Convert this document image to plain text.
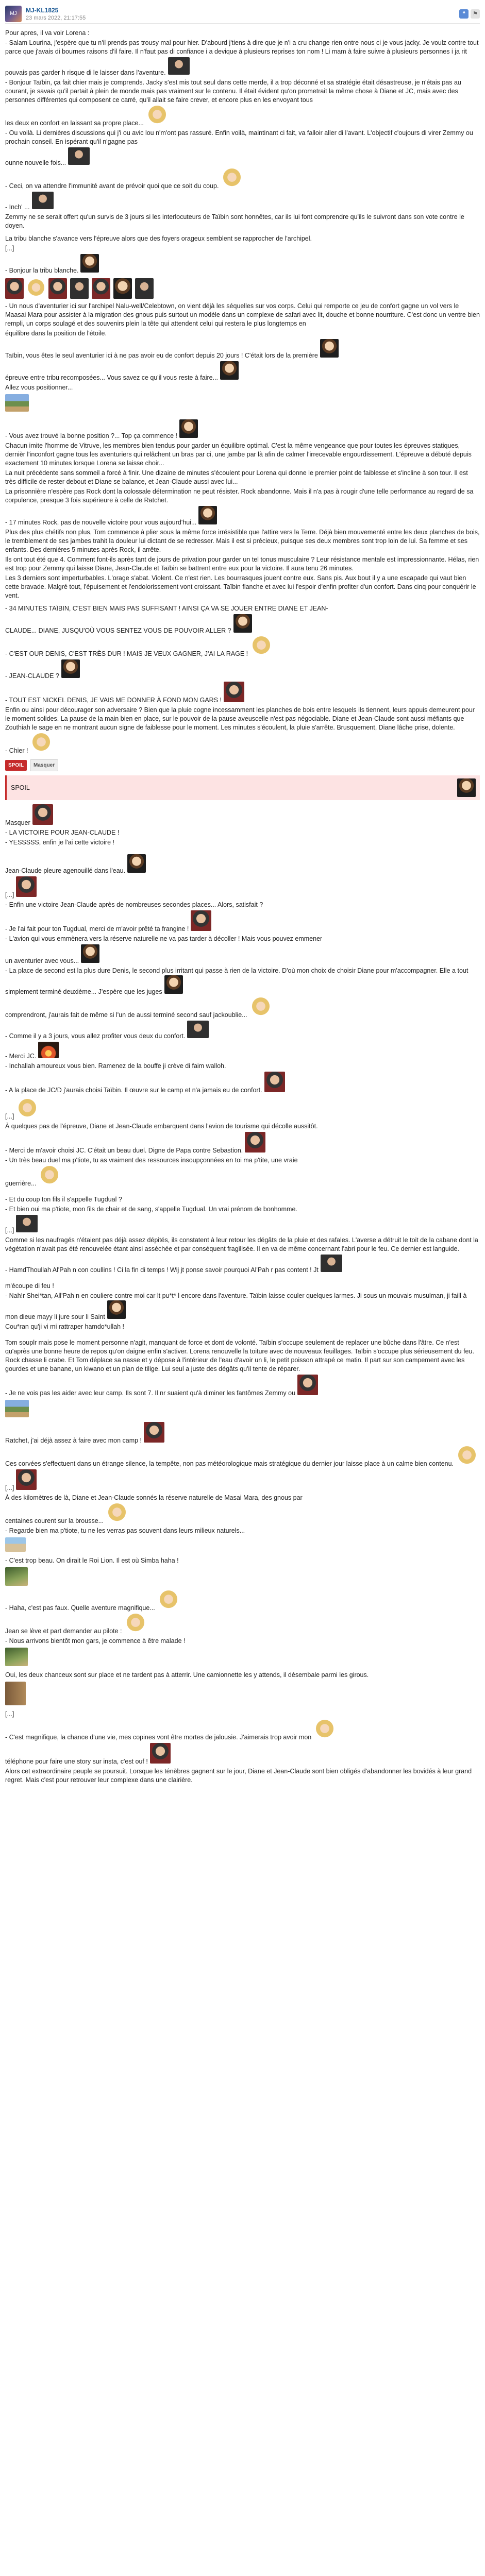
MJ MJ-KL1825
23 mars 2022, 21:17:55
❝	⚑

Pour apres, il va voir Lorena :

- Salam Lourina, j'espère que tu n'il prends pas trousy mal pour hier. D'abourd j'tiens à dire que je n'i a cru change rien ontre nous ci je vous jacky. Je voulz contre tout parce que j'avais di bournes raisons d'il faire. Il n'faut pas di confiance i a devique à plusieurs reprises ton nom ! Li mam à faire suivre à plusieurs personnes i ja rit

pouvais pas garder h risque di le laisser dans l'aventure.

- Bonjour Taïbin, ça fait chier mais je comprends. Jacky s'est mis tout seul dans cette merde, il a trop déconné et sa stratégie était désastreuse, je n'étais pas au courant, je savais qu'il partait à plein de monde mais pas vraiment sur le contenu. Il était évident qu'on prometrait la même chose à Diane et JC, mais avec des personnes différentes qui composent ce carré, qu'il allait se faire crever, et encore plus en les envoyant tous

les deux en confort en laissant sa propre place...

- Ou voilà. Li dernières discussions qui j'i ou avic lou n'm'ont pas rassuré. Enfin voilà, maintinant ci fait, va falloir aller di l'avant. L'objectif c'oujours di virer Zemmy ou prochain conseil. En ispérant qu'il n'gagne pas

ounne nouvelle fois...

- Ceci, on va attendre l'immunité avant de prévoir quoi que ce soit du coup.

- Inch' ...

Zemmy ne se serait offert qu'un survis de 3 jours si les interlocuteurs de Taïbin sont honnêtes, car ils lui font comprendre qu'ils le suivront dans son vote contre le doyen.

La tribu blanche s'avance vers l'épreuve alors que des foyers orageux semblent se rapprocher de l'archipel.

[...]

- Bonjour la tribu blanche.

- Un nous d'aventurier ici sur l'archipel Nalu-well/Celebtown, on vient déjà les séquelles sur vos corps. Celui qui remporte ce jeu de confort gagne un vol vers le Maasai Mara pour assister à la migration des gnous puis surtout un modèle dans un complexe de safari avec lit, douche et bonne nourriture. C'est donc un ventre bien rempli, un corps soulagé et des souvenirs plein la tête qui attendent celui qui restera le plus longtemps en

équilibre dans la position de l'étoile.

Taïbin, vous êtes le seul aventurier ici à ne pas avoir eu de confort depuis 20 jours ! C'était lors de la première

épreuve entre tribu recomposées... Vous savez ce qu'il vous reste à faire...

Allez vous positionner...

- Vous avez trouvé la bonne position ?... Top ça commence !

Chacun imite l'homme de Vitruve, les membres bien tendus pour garder un équilibre optimal. C'est la même vengeance que pour toutes les épreuves statiques, dernièr l'inconfort gagne tous les aventuriers qui relâchent un bras par ci, une jambe par là afin de calmer l'irrecevable engourdissement. L'épreuve a débuté depuis exactement 10 minutes lorsque Lorena se laisse choir...

La nuit précédente sans sommeil a forcé à finir. Une dizaine de minutes s'écoulent pour Lorena qui donne le premier point de faiblesse et s'incline à son tour. Il est très difficile de rester debout et Diane se balance, et Jean-Claude aussi avec lui...

La prisonnière n'espère pas Rock dont la colossale détermination ne peut résister. Rock abandonne. Mais il n'a pas à rougir d'une telle performance au regard de sa corpulence, presque 3 fois supérieure à celle de Ratchet.

- 17 minutes Rock, pas de nouvelle victoire pour vous aujourd'hui...

Plus des plus chétifs non plus, Tom commence à plier sous la même force irrésistible que l'attire vers la Terre. Déjà bien mouvementé entre les deux planches de bois, le tremblement de ses jambes trahit la douleur lui dictant de se redresser. Mais il est si précieux, puisque ses deux membres sont trop loin de lui. Sa femme et ses enfants. Des dernières 5 minutes après Rock, il arrête.

Ils ont tout été que 4. Comment font-ils après tant de jours de privation pour garder un tel tonus musculaire ? Leur résistance mentale est impressionnante. Hélas, rien est trop pour Zemmy qui laisse Diane, Jean-Claude et Taïbin se battrent entre eux pour la victoire. Il aura tenu 26 minutes.

Les 3 derniers sont imperturbables. L'orage s'abat. Violent. Ce n'est rien. Les bourrasques jouent contre eux. Sans pis. Aux bout il y a une escapade qui vaut bien cette bravade. Malgré tout, l'épuisement et l'endolorissement vont croissant. Taïbin flanche et avec lui l'espoir d'enfin profiter d'un confort. Dans cinq pour conquérir le vent.

- 34 MINUTES TAÏBIN, C'EST BIEN MAIS PAS SUFFISANT ! AINSI ÇA VA SE JOUER ENTRE DIANE ET JEAN-

CLAUDE... DIANE, JUSQU'OÙ VOUS SENTEZ VOUS DE POUVOIR ALLER ?

- C'EST OUR DENIS, C'EST TRÈS DUR ! MAIS JE VEUX GAGNER, J'AI LA RAGE !

- JEAN-CLAUDE ?

- TOUT EST NICKEL DENIS, JE VAIS ME DONNER À FOND MON GARS !

Enfin ou ainsi pour décourager son adversaire ? Bien que la pluie cogne incessamment les planches de bois entre lesquels ils tiennent, leurs appuis demeurent pour le moment solides. La pause de la main bien en place, sur le pouvoir de la pause aveuscelle n'est pas négociable. Diane et Jean-Claude sont aussi méfiants que Zouthiah le sage en ne montrant aucun signe de faiblesse pour le moment. Les minutes s'écoulent, la pluie s'arrête. Brusquement, Diane lâche prise, dolente.

- Chier !

SPOIL	Masquer
SPOIL

Masquer

- LA VICTOIRE POUR JEAN-CLAUDE !

- YESSSSS, enfin je l'ai cette victoire !

Jean-Claude pleure agenouillé dans l'eau.

[...]

- Enfin une victoire Jean-Claude après de nombreuses secondes places... Alors, satisfait ?

- Je l'ai fait pour ton Tugdual, merci de m'avoir prêté ta frangine !

- L'avion qui vous emmènera vers la réserve naturelle ne va pas tarder à décoller ! Mais vous pouvez emmener

un aventurier avec vous...

- La place de second est la plus dure Denis, le second plus irritant qui passe à rien de la victoire. D'où mon choix de choisir Diane pour m'accompagner. Elle a tout simplement terminé deuxième... J'espère que les juges

comprendront, j'aurais fait de même si l'un de aussi terminé second sauf jackoublie...

- Comme il y a 3 jours, vous allez profiter vous deux du confort.

- Merci JC.

- Inchallah amoureux vous bien. Ramenez de la bouffe ji crève di faim walloh.

- A la place de JC/D j'aurais choisi Taïbin. Il œuvre sur le camp et n'a jamais eu de confort.

[...]

À quelques pas de l'épreuve, Diane et Jean-Claude embarquent dans l'avion de tourisme qui décolle aussitôt.

- Merci de m'avoir choisi JC. C'était un beau duel. Digne de Papa contre Sebastion.

- Un très beau duel ma p'tiote, tu as vraiment des ressources insoupçonnées en toi ma p'tite, une vraie

guerrière...

- Et du coup ton fils il s'appelle Tugdual ?

- Et bien oui ma p'tiote, mon fils de chair et de sang, s'appelle Tugdual. Un vrai prénom de bonhomme.

[...]

Comme si les naufragés n'étaient pas déjà assez dépités, ils constatent à leur retour les dégâts de la pluie et des rafales. L'averse a détruit le toit de la cabane dont la végétation n'avait pas été renouvelée étant ainsi asséchée et par conséquent fragilisée. Il en va de même concernant l'abri pour le feu. Ce dernier est languide.

- HamdThoullah Al'Pah n con coullins ! Ci la fin di temps ! Wij jt ponse savoir pourquoi Al'Pah r pas content ! Jt

m'écoupe di feu !

- Nah!r Shei*tan, All'Pah n en couliere contre moi car lt pu*t* l encore dans l'aventure. Taïbin laisse couler quelques larmes. Ji sous un mouvais musulman, ji faill à mon dieue mayy li jure sour li Saint

Cou*ran qu'ji vi mi rattraper hamdo*ullah !

Tom souplr mais pose le moment personne n'agit, manquant de force et dont de volonté. Taïbin s'occupe seulement de replacer une bûche dans l'âtre. Ce n'est qu'après une bonne heure de repos qu'on daigne enfin s'activer. Lorena renouvelle la toiture avec de nouveaux feuillages. Taïbin s'occupe plus sérieusement du feu. Rock chasse li crabe. Et Tom déplace sa nasse et y dépose à l'intérieur de l'eau d'avoir un li, le petit poisson attrapé ce matin. Il part sur son campement avec les gourdes et une banane, un kiwano et un plan de tilige. Lui seul a juste des dégâts qu'il tente de réparer.

- Je ne vois pas les aider avec leur camp. Ils sont 7. Il nr suaient qu'à diminer les fantômes Zemmy ou

Ratchet, j'ai déjà assez à faire avec mon camp !

Ces corvées s'effectuent dans un étrange silence, la tempête, non pas météorologique mais stratégique du dernier jour laisse place à un calme bien contenu.

[...]

À des kilomètres de là, Diane et Jean-Claude sonnés la réserve naturelle de Masai Mara, des gnous par

centaines courent sur la brousse...

- Regarde bien ma p'tiote, tu ne les verras pas souvent dans leurs milieux naturels...

- C'est trop beau. On dirait le Roi Lion. Il est où Simba haha !

- Haha, c'est pas faux. Quelle aventure magnifique...

Jean se lève et part demander au pilote :

- Nous arrivons bientôt mon gars, je commence à être malade !

Oui, les deux chanceux sont sur place et ne tardent pas à atterrir. Une camionnette les y attends, il désembale parmi les girous.

[...]

- C'est magnifique, la chance d'une vie, mes copines vont être mortes de jalousie. J'aimerais trop avoir mon

téléphone pour faire une story sur insta, c'est ouf !

Alors cet extraordinaire peuple se poursuit. Lorsque les ténèbres gagnent sur le jour, Diane et Jean-Claude sont bien obligés d'abandonner les bovidés à leur grand regret. Mais c'est pour retrouver leur complexe dans une clairière.
